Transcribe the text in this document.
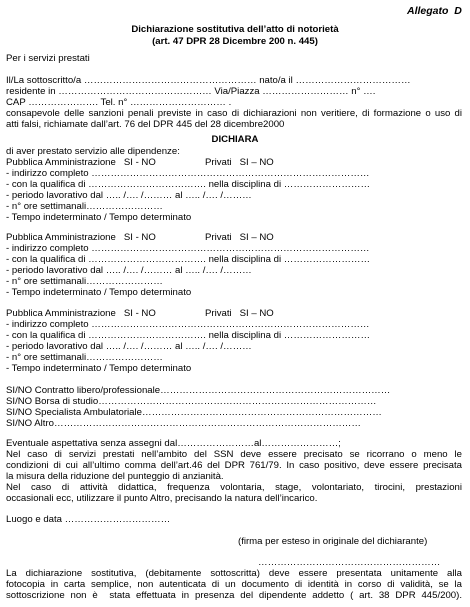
Allegato  D
Dichiarazione sostitutiva dell’atto di notorietà
(art. 47 DPR 28 Dicembre 200 n. 445)
Per i servizi prestati
Il/La sottoscritto/a ……………………………………………… nato/a il ………………………………
residente in ………………………………………… Via/Piazza ……………………… n° ….
CAP …………………. Tel. n° ………………………… .
consapevole delle sanzioni penali previste in caso di dichiarazioni non veritiere, di formazione o uso di
atti falsi, richiamate dall’art. 76 del DPR 445 del 28 dicembre2000
DICHIARA
di aver prestato servizio alle dipendenze:
Pubblica Amministrazione   SI - NO	Privati   SI – NO
- indirizzo completo ……………………………………………………………………………
- con la qualifica di ………………………………. nella disciplina di ………………………
- periodo lavorativo dal ….. /…. /……… al ….. /…. /………
- n° ore settimanali……………………
- Tempo indeterminato / Tempo determinato
Pubblica Amministrazione   SI - NO	Privati   SI – NO
- indirizzo completo ……………………………………………………………………………
- con la qualifica di ………………………………. nella disciplina di ………………………
- periodo lavorativo dal ….. /…. /……… al ….. /…. /………
- n° ore settimanali……………………
- Tempo indeterminato / Tempo determinato
Pubblica Amministrazione   SI - NO	Privati   SI – NO
- indirizzo completo ……………………………………………………………………………
- con la qualifica di ………………………………. nella disciplina di ………………………
- periodo lavorativo dal ….. /…. /……… al ….. /…. /………
- n° ore settimanali……………………
- Tempo indeterminato / Tempo determinato
SI/NO Contratto libero/professionale………………………………………………………………
SI/NO Borsa di studio……………………………………………………………………………
SI/NO Specialista Ambulatoriale…………………………………………………………………
SI/NO Altro……………………………………………………………………………………
Eventuale aspettativa senza assegni dal……………………al……………………;
Nel caso di servizi prestati nell’ambito del SSN deve essere precisato se ricorrano o meno le
condizioni di cui all’ultimo comma dell’art.46 del DPR 761/79. In caso positivo, deve essere precisata
la misura della riduzione del punteggio di anzianità.
Nel caso di attività didattica, frequenza volontaria, stage, volontariato, tirocini, prestazioni
occasionali ecc, utilizzare il punto Altro, precisando la natura dell’incarico.
Luogo e data ……………………………
(firma per esteso in originale del dichiarante)
…………………………………………………
La dichiarazione sostitutiva, (debitamente sottoscritta) deve essere presentata unitamente alla
fotocopia in carta semplice, non autenticata di un documento di identità in corso di validità, se la
sottoscrizione non è  stata effettuata in presenza del dipendente addetto ( art. 38 DPR 445/200).
